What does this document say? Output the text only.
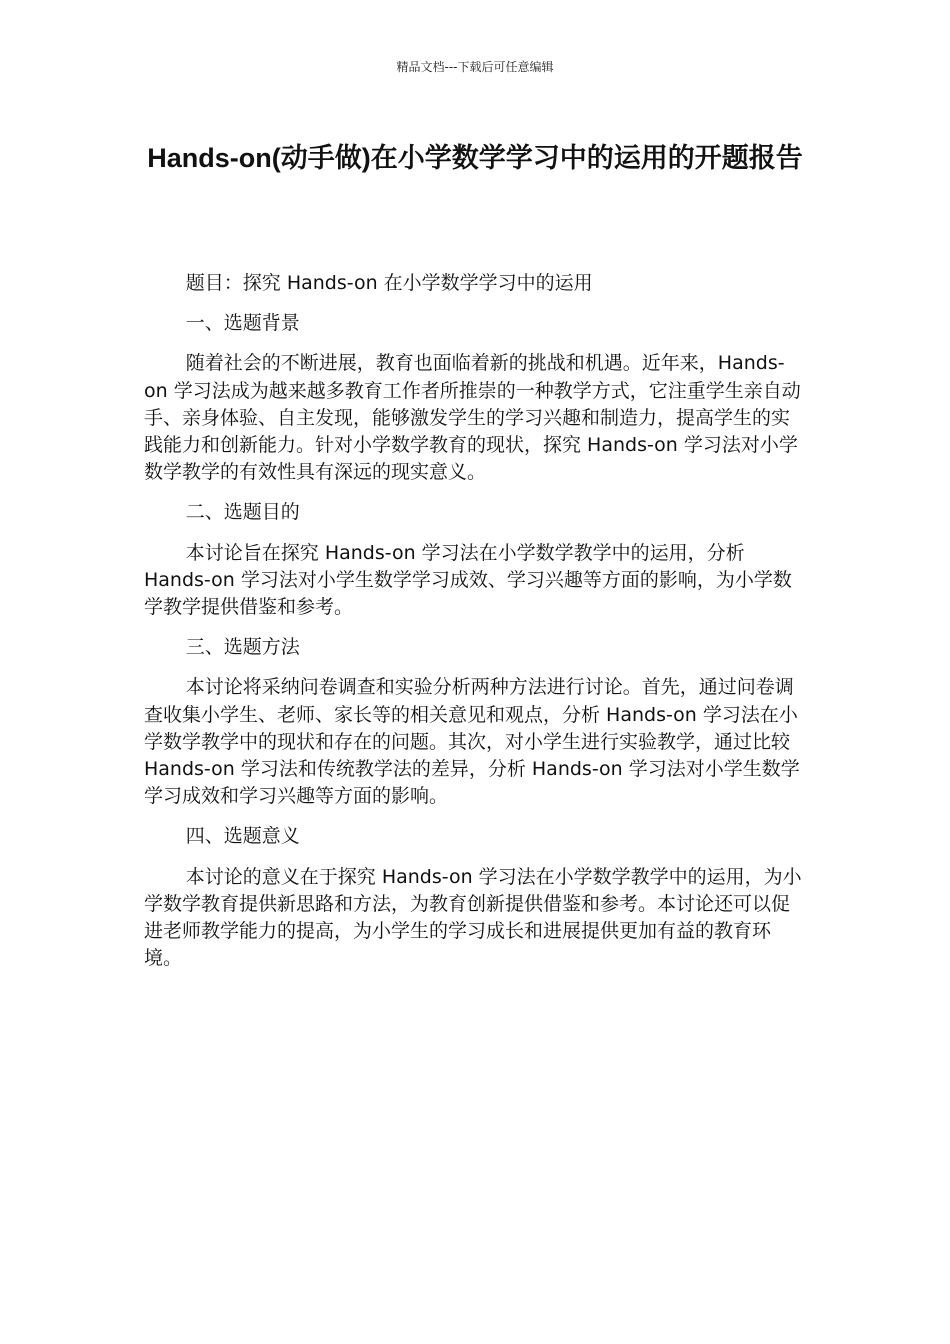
精品文档---下载后可任意编辑
Hands-on(动手做)在小学数学学习中的运用的开题报告

题目：探究 Hands-on 在小学数学学习中的运用

一、选题背景

随着社会的不断进展，教育也面临着新的挑战和机遇。近年来，Hands-on 学习法成为越来越多教育工作者所推崇的一种教学方式，它注重学生亲自动手、亲身体验、自主发现，能够激发学生的学习兴趣和制造力，提高学生的实践能力和创新能力。针对小学数学教育的现状，探究 Hands-on 学习法对小学数学教学的有效性具有深远的现实意义。

二、选题目的

本讨论旨在探究 Hands-on 学习法在小学数学教学中的运用，分析 Hands-on 学习法对小学生数学学习成效、学习兴趣等方面的影响，为小学数学教学提供借鉴和参考。

三、选题方法

本讨论将采纳问卷调查和实验分析两种方法进行讨论。首先，通过问卷调查收集小学生、老师、家长等的相关意见和观点，分析 Hands-on 学习法在小学数学教学中的现状和存在的问题。其次，对小学生进行实验教学，通过比较 Hands-on 学习法和传统教学法的差异，分析 Hands-on 学习法对小学生数学学习成效和学习兴趣等方面的影响。

四、选题意义

本讨论的意义在于探究 Hands-on 学习法在小学数学教学中的运用，为小学数学教育提供新思路和方法，为教育创新提供借鉴和参考。本讨论还可以促进老师教学能力的提高，为小学生的学习成长和进展提供更加有益的教育环境。
